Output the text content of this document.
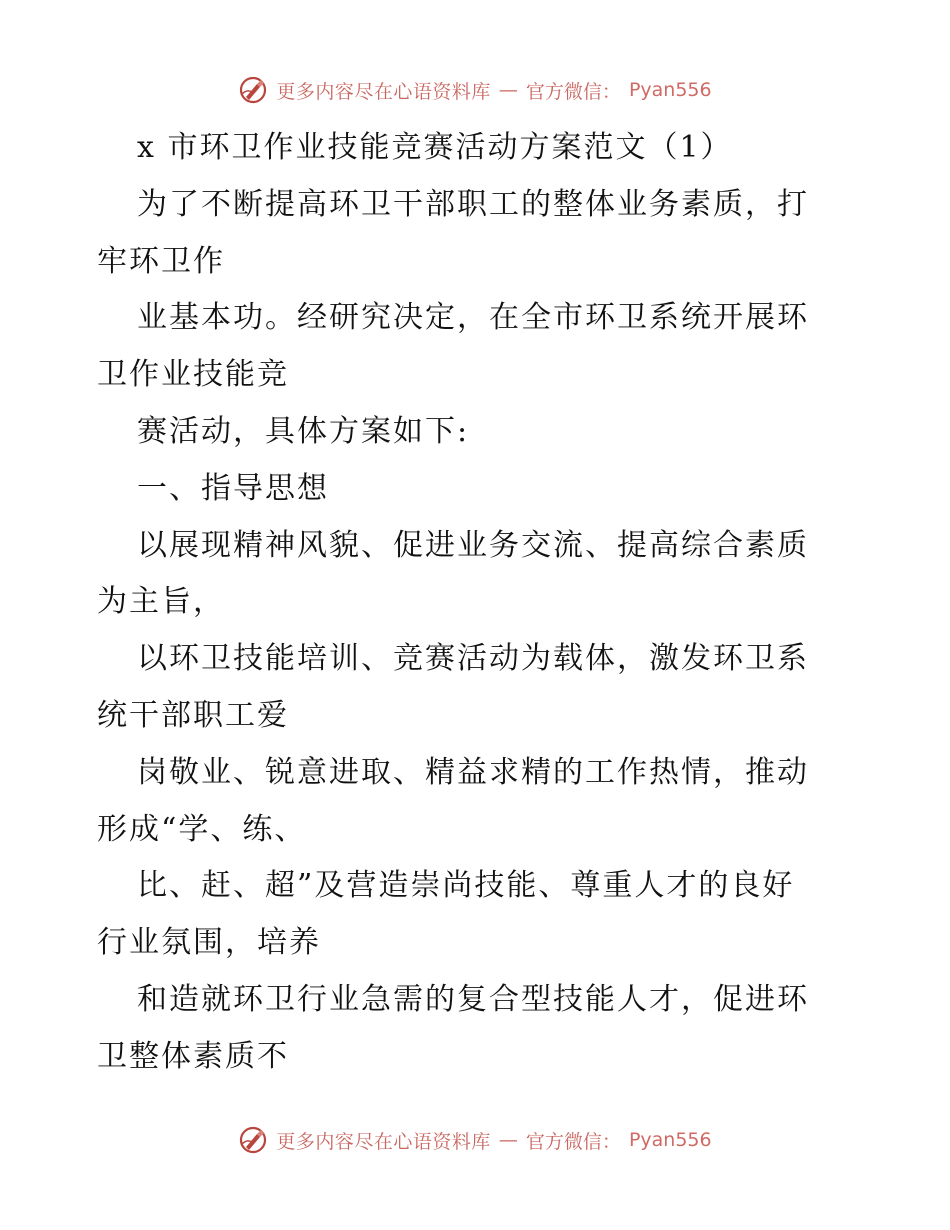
更多内容尽在心语资料库 — 官方微信： Pyan556
x 市环卫作业技能竞赛活动方案范文（1）
为了不断提高环卫干部职工的整体业务素质，打
牢环卫作
业基本功。经研究决定，在全市环卫系统开展环
卫作业技能竞
赛活动，具体方案如下:
一、指导思想
以展现精神风貌、促进业务交流、提高综合素质
为主旨，
以环卫技能培训、竞赛活动为载体，激发环卫系
统干部职工爱
岗敬业、锐意进取、精益求精的工作热情，推动
形成“学、练、
比、赶、超”及营造崇尚技能、尊重人才的良好
行业氛围，培养
和造就环卫行业急需的复合型技能人才，促进环
卫整体素质不
更多内容尽在心语资料库 — 官方微信： Pyan556
